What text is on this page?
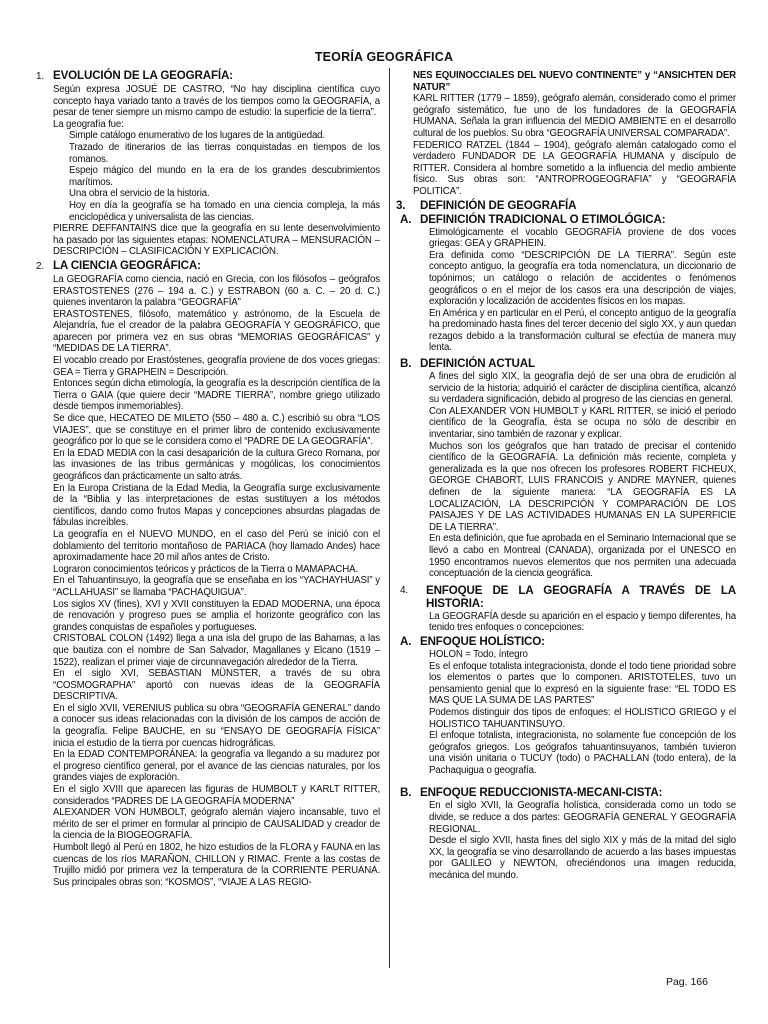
TEORÍA GEOGRÁFICA
1. EVOLUCIÓN DE LA GEOGRAFÍA:

Según expresa JOSUÉ DE CASTRO, “No hay disciplina científica cuyo concepto haya variado tanto a través de los tiempos como la GEOGRAFÍA, a pesar de tener siempre un mismo campo de estudio: la superficie de la tierra”.

La geografía fue:

Simple catálogo enumerativo de los lugares de la antigüedad.

Trazado de itinerarios de las tierras conquistadas en tiempos de los romanos.

Espejo mágico del mundo en la era de los grandes descubrimientos marítimos.

Una obra el servicio de la historia.

Hoy en día la geografía se ha tomado en una ciencia compleja, la más enciclopédica y universalista de las ciencias.

PIERRE DEFFANTAINS dice que la geografía en su lente desenvolvimiento ha pasado por las siguientes etapas: NOMENCLATURA – MENSURACIÓN – DESCRIPCIÓN – CLASIFICACIÓN Y EXPLICACIÓN.

2. LA CIENCIA GEOGRÁFICA:

La GEOGRAFÍA como ciencia, nació en Grecia, con los filósofos – geógrafos ERASTOSTENES (276 – 194 a. C.) y ESTRABON (60 a. C. – 20 d. C.) quienes inventaron la palabra “GEOGRAFÍA”

ERASTOSTENES, filósofo, matemático y astrónomo, de la Escuela de Alejandría, fue el creador de la palabra GEOGRAFÍA Y GEOGRÁFICO, que aparecen por primera vez en sus obras “MEMORIAS GEOGRÁFICAS” y “MEDIDAS DE LA TIERRA”.

El vocablo creado por Erastóstenes, geografía proviene de dos voces griegas: GEA = Tierra y GRAPHEIN = Descripción.

Entonces según dicha etimología, la geografía es la descripción científica de la Tierra o GAIA (que quiere decir “MADRE TIERRA”, nombre griego utilizado desde tiempos inmemoriables).

Se dice que, HECATEO DE MILETO (550 – 480 a. C.) escribió su obra “LOS VIAJES”, que se constituye en el primer libro de contenido exclusivamente geográfico por lo que se le considera como el “PADRE DE LA GEOGRAFÍA”.

En la EDAD MEDIA con la casi desaparición de la cultura Greco Romana, por las invasiones de las tribus germánicas y mogólicas, los conocimientos geográficos dan prácticamente un salto atrás.

En la Europa Cristiana de la Edad Media, la Geografía surge exclusivamente de la “Biblia y las interpretaciones de estas sustituyen a los métodos científicos, dando como frutos Mapas y concepciones absurdas plagadas de fábulas increíbles.

La geografía en el NUEVO MUNDO, en el caso del Perú se inició con el doblamiento del territorio montañoso de PARIACA (hoy llamado Andes) hace aproximadamente hace 20 mil años antes de Cristo.

Lograron conocimientos teóricos y prácticos de la Tierra o MAMAPACHA.

En el Tahuantinsuyo, la geografía que se enseñaba en los “YACHAYHUASI” y “ACLLAHUASI” se llamaba “PACHAQUIGUA”.

Los siglos XV (fines), XVI y XVII constituyen la EDAD MODERNA, una época de renovación y progreso pues se amplia el horizonte geográfico con las grandes conquistas de españoles y portugueses.

CRISTOBAL COLON (1492) llega a una isla del grupo de las Bahamas, a las que bautiza con el nombre de San Salvador, Magallanes y Elcano (1519 – 1522), realizan el primer viaje de circunnavegación alrededor de la Tierra.

En el siglo XVI, SEBASTIAN MÜNSTER, a través de su obra “COSMOGRAPHA” aportó con nuevas ideas de la GEOGRAFÍA DESCRIPTIVA.

En el siglo XVII, VERENIUS publica su obra “GEOGRAFÍA GENERAL” dando a conocer sus ideas relacionadas con la división de los campos de acción de la geografía. Felipe BAUCHE, en su “ENSAYO DE GEOGRAFÍA FÍSICA” inicia el estudio de la tierra por cuencas hidrográficas.

En la EDAD CONTEMPORÁNEA: la geografía va llegando a su madurez por el progreso científico general, por el avance de las ciencias naturales, por los grandes viajes de exploración.

En el siglo XVIII que aparecen las figuras de HUMBOLT y KARLT RITTER, considerados “PADRES DE LA GEOGRAFÍA MODERNA”

ALEXANDER VON HUMBOLT, geógrafo alemán viajero incansable, tuvo el mérito de ser el primer en formular al principio de CAUSALIDAD y creador de la ciencia de la BIOGEOGRAFÍA.

Humbolt llegó al Perú en 1802, he hizo estudios de la FLORA y FAUNA en las cuencas de los ríos MARAÑON, CHILLON y RIMAC. Frente a las costas de Trujillo midió por primera vez la temperatura de la CORRIENTE PERUANA. Sus principales obras son: “KOSMOS”, “VIAJE A LAS REGIO-

NES EQUINOCCIALES DEL NUEVO CONTINENTE” y “ANSICHTEN DER NATUR”

KARL RITTER (1779 – 1859), geógrafo alemán, considerado como el primer geógrafo sistemático, fue uno de los fundadores de la GEOGRAFÍA HUMANA. Señala la gran influencia del MEDIO AMBIENTE en el desarrollo cultural de los pueblos. Su obra “GEOGRAFÍA UNIVERSAL COMPARADA”.

FEDERICO RATZEL (1844 – 1904), geógrafo alemán catalogado como el verdadero FUNDADOR DE LA GEOGRAFÍA HUMANA y discípulo de RITTER. Considera al hombre sometido a la influencia del medio ambiente físico. Sus obras son: “ANTROPROGEOGRAFIA” y “GEOGRAFÍA POLITICA”.

3. DEFINICIÓN DE GEOGRAFÍA
A. DEFINICIÓN TRADICIONAL O ETIMOLÓGICA:

Etimológicamente el vocablo GEOGRAFÍA proviene de dos voces griegas: GEA y GRAPHEIN.

Era definida como “DESCRIPCIÓN DE LA TIERRA”. Según este concepto antiguo, la geografía era toda nomenclatura, un diccionario de topónimos; un catálogo o relación de accidentes o fenómenos geográficos o en el mejor de los casos era una descripción de viajes, exploración y localización de accidentes físicos en los mapas.

En América y en particular en el Perú, el concepto antiguo de la geografía ha predominado hasta fines del tercer decenio del siglo XX, y aun quedan rezagos debido a la transformación cultural se efectúa de manera muy lenta.

B. DEFINICIÓN ACTUAL

A fines del siglo XIX, la geografía dejó de ser una obra de erudición al servicio de la historia; adquirió el carácter de disciplina científica, alcanzó su verdadera significación, debido al progreso de las ciencias en general.

Con ALEXANDER VON HUMBOLT y KARL RITTER, se inició el periodo científico de la Geografía, ésta se ocupa no sólo de describir en inventariar, sino también de razonar y explicar.

Muchos son los geógrafos que han tratado de precisar el contenido científico de la GEOGRAFÍA. La definición más reciente, completa y generalizada es la que nos ofrecen los profesores ROBERT FICHEUX, GEORGE CHABORT, LUIS FRANCOIS y ANDRE MAYNER, quienes definen de la siguiente manera: “LA GEOGRAFÍA ES LA LOCALIZACIÓN, LA DESCRIPCIÓN Y COMPARACIÓN DE LOS PAISAJES Y DE LAS ACTIVIDADES HUMANAS EN LA SUPERFICIE DE LA TIERRA”.

En esta definición, que fue aprobada en el Seminario Internacional que se llevó a cabo en Montreal (CANADA), organizada por el UNESCO en 1950 encontramos nuevos elementos que nos permiten una adecuada conceptuación de la ciencia geográfica.

4.	ENFOQUE DE LA GEOGRAFÍA A TRAVÉS DE LA HISTORIA:

La GEOGRAFÍA desde su aparición en el espacio y tiempo diferentes, ha tenido tres enfoques o concepciones:

A. ENFOQUE HOLÍSTICO:

HOLON = Todo, íntegro

Es el enfoque totalista integracionista, donde el todo tiene prioridad sobre los elementos o partes que lo componen. ARISTOTELES, tuvo un pensamiento genial que lo expresó en la siguiente frase: “EL TODO ES MAS QUE LA SUMA DE LAS PARTES”

Podemos distinguir dos tipos de enfoques: el HOLISTICO GRIEGO y el HOLISTICO TAHUANTINSUYO.

El enfoque totalista, integracionista, no solamente fue concepción de los geógrafos griegos. Los geógrafos tahuantinsuyanos, también tuvieron una visión unitaria o TUCUY (todo) o PACHALLAN (todo entera), de la Pachaquigua o geografía.

B. ENFOQUE REDUCCIONISTA-MECANI-CISTA:

En el siglo XVII, la Geografía holística, considerada como un todo se divide, se reduce a dos partes: GEOGRAFÍA GENERAL Y GEOGRAFÍA REGIONAL.

Desde el siglo XVII, hasta fines del siglo XIX y más de la mitad del siglo XX, la geografía se vino desarrollando de acuerdo a las bases impuestas por GALILEO y NEWTON, ofreciéndonos una imagen reducida, mecánica del mundo.

Pag. 166
